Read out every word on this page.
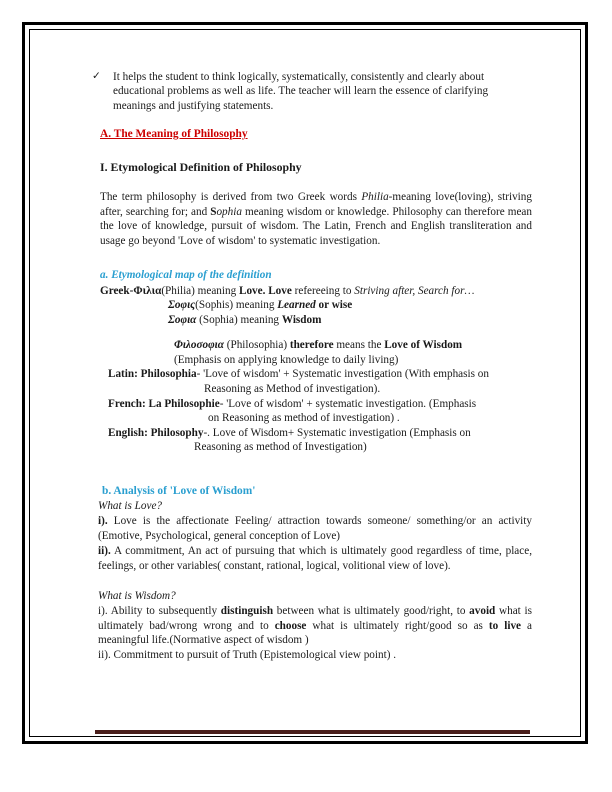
✓ It helps the student to think logically, systematically, consistently and clearly about educational problems as well as life. The teacher will learn the essence of clarifying meanings and justifying statements.
A. The Meaning of Philosophy
I. Etymological Definition of Philosophy
The term philosophy is derived from two Greek words Philia-meaning love(loving), striving after, searching for; and Sophia meaning wisdom or knowledge. Philosophy can therefore mean the love of knowledge, pursuit of wisdom. The Latin, French and English transliteration and usage go beyond 'Love of wisdom' to systematic investigation.
a. Etymological map of the definition
Greek-Φιλια(Philia) meaning Love. Love refereeing to Striving after, Search for…
Σοφις(Sophis) meaning Learned or wise
Σοφια (Sophia) meaning Wisdom
Φιλοσοφια (Philosophia) therefore means the Love of Wisdom
(Emphasis on applying knowledge to daily living)
Latin: Philosophia- 'Love of wisdom' + Systematic investigation (With emphasis on
Reasoning as Method of investigation).
French: La Philosophie- 'Love of wisdom' + systematic investigation. (Emphasis
on Reasoning as method of investigation) .
English: Philosophy-. Love of Wisdom+ Systematic investigation (Emphasis on
Reasoning as method of Investigation)
b. Analysis of 'Love of Wisdom'
What is Love?
i). Love is the affectionate Feeling/ attraction towards someone/ something/or an activity (Emotive, Psychological, general conception of Love)
ii). A commitment, An act of pursuing that which is ultimately good regardless of time, place, feelings, or other variables( constant, rational, logical, volitional view of love).
What is Wisdom?
i). Ability to subsequently distinguish between what is ultimately good/right, to avoid what is ultimately bad/wrong wrong and to choose what is ultimately right/good so as to live a meaningful life.(Normative aspect of wisdom )
ii). Commitment to pursuit of Truth (Epistemological view point) .
